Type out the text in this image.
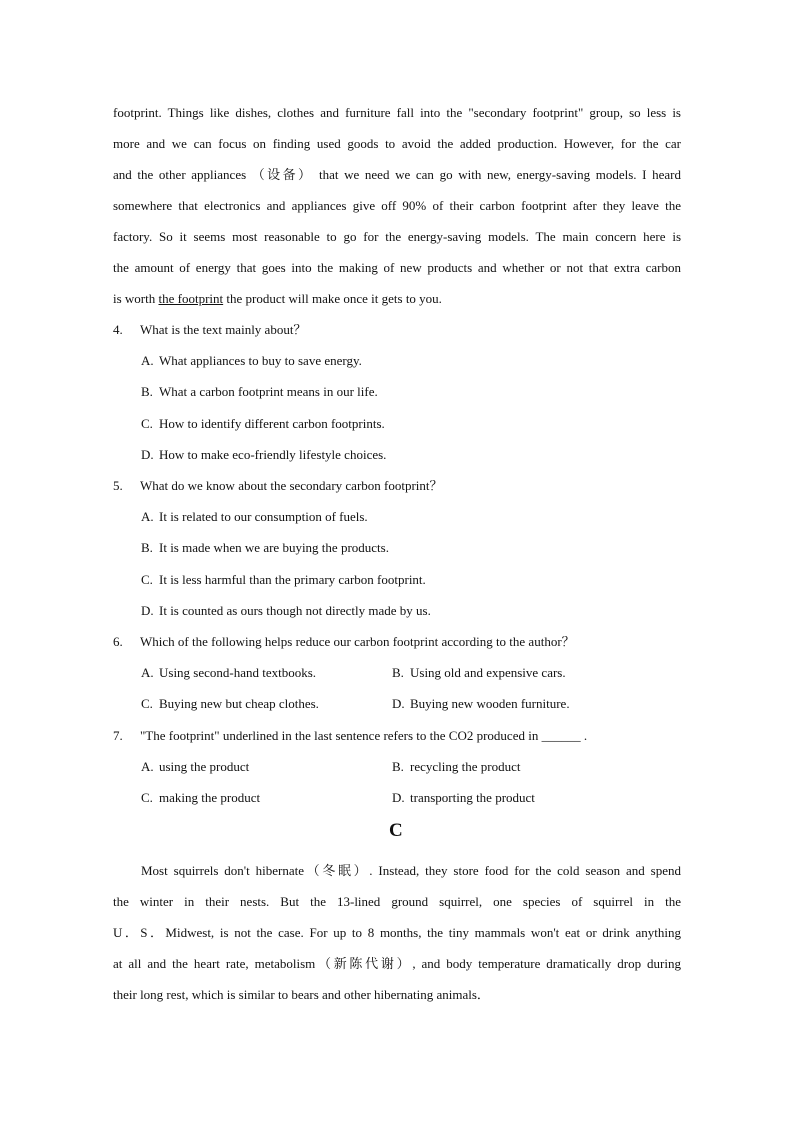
footprint. Things like dishes, clothes and furniture fall into the "secondary footprint" group, so less is
more and we can focus on finding used goods to avoid the added production. However, for the car
and the other appliances （设备） that we need we can go with new, energy-saving models. I heard
somewhere that electronics and appliances give off 90% of their carbon footprint after they leave the
factory. So it seems most reasonable to go for the energy-saving models. The main concern here is
the amount of energy that goes into the making of new products and whether or not that extra carbon
is worth the footprint the product will make once it gets to you.
4. What is the text mainly about？
A. What appliances to buy to save energy.
B. What a carbon footprint means in our life.
C. How to identify different carbon footprints.
D. How to make eco-friendly lifestyle choices.
5. What do we know about the secondary carbon footprint？
A. It is related to our consumption of fuels.
B. It is made when we are buying the products.
C. It is less harmful than the primary carbon footprint.
D. It is counted as ours though not directly made by us.
6. Which of the following helps reduce our carbon footprint according to the author？
A. Using second-hand textbooks.	B. Using old and expensive cars.
C. Buying new but cheap clothes.	D. Buying new wooden furniture.
7. "The footprint" underlined in the last sentence refers to the CO2 produced in ______ .
A. using the product	B. recycling the product
C. making the product	D. transporting the product
C
Most squirrels don't hibernate（冬眠）. Instead, they store food for the cold season and spend
the winter in their nests. But the 13-lined ground squirrel, one species of squirrel in the
U．S．Midwest, is not the case. For up to 8 months, the tiny mammals won't eat or drink anything
at all and the heart rate, metabolism（新陈代谢）, and body temperature dramatically drop during
their long rest, which is similar to bears and other hibernating animals．
